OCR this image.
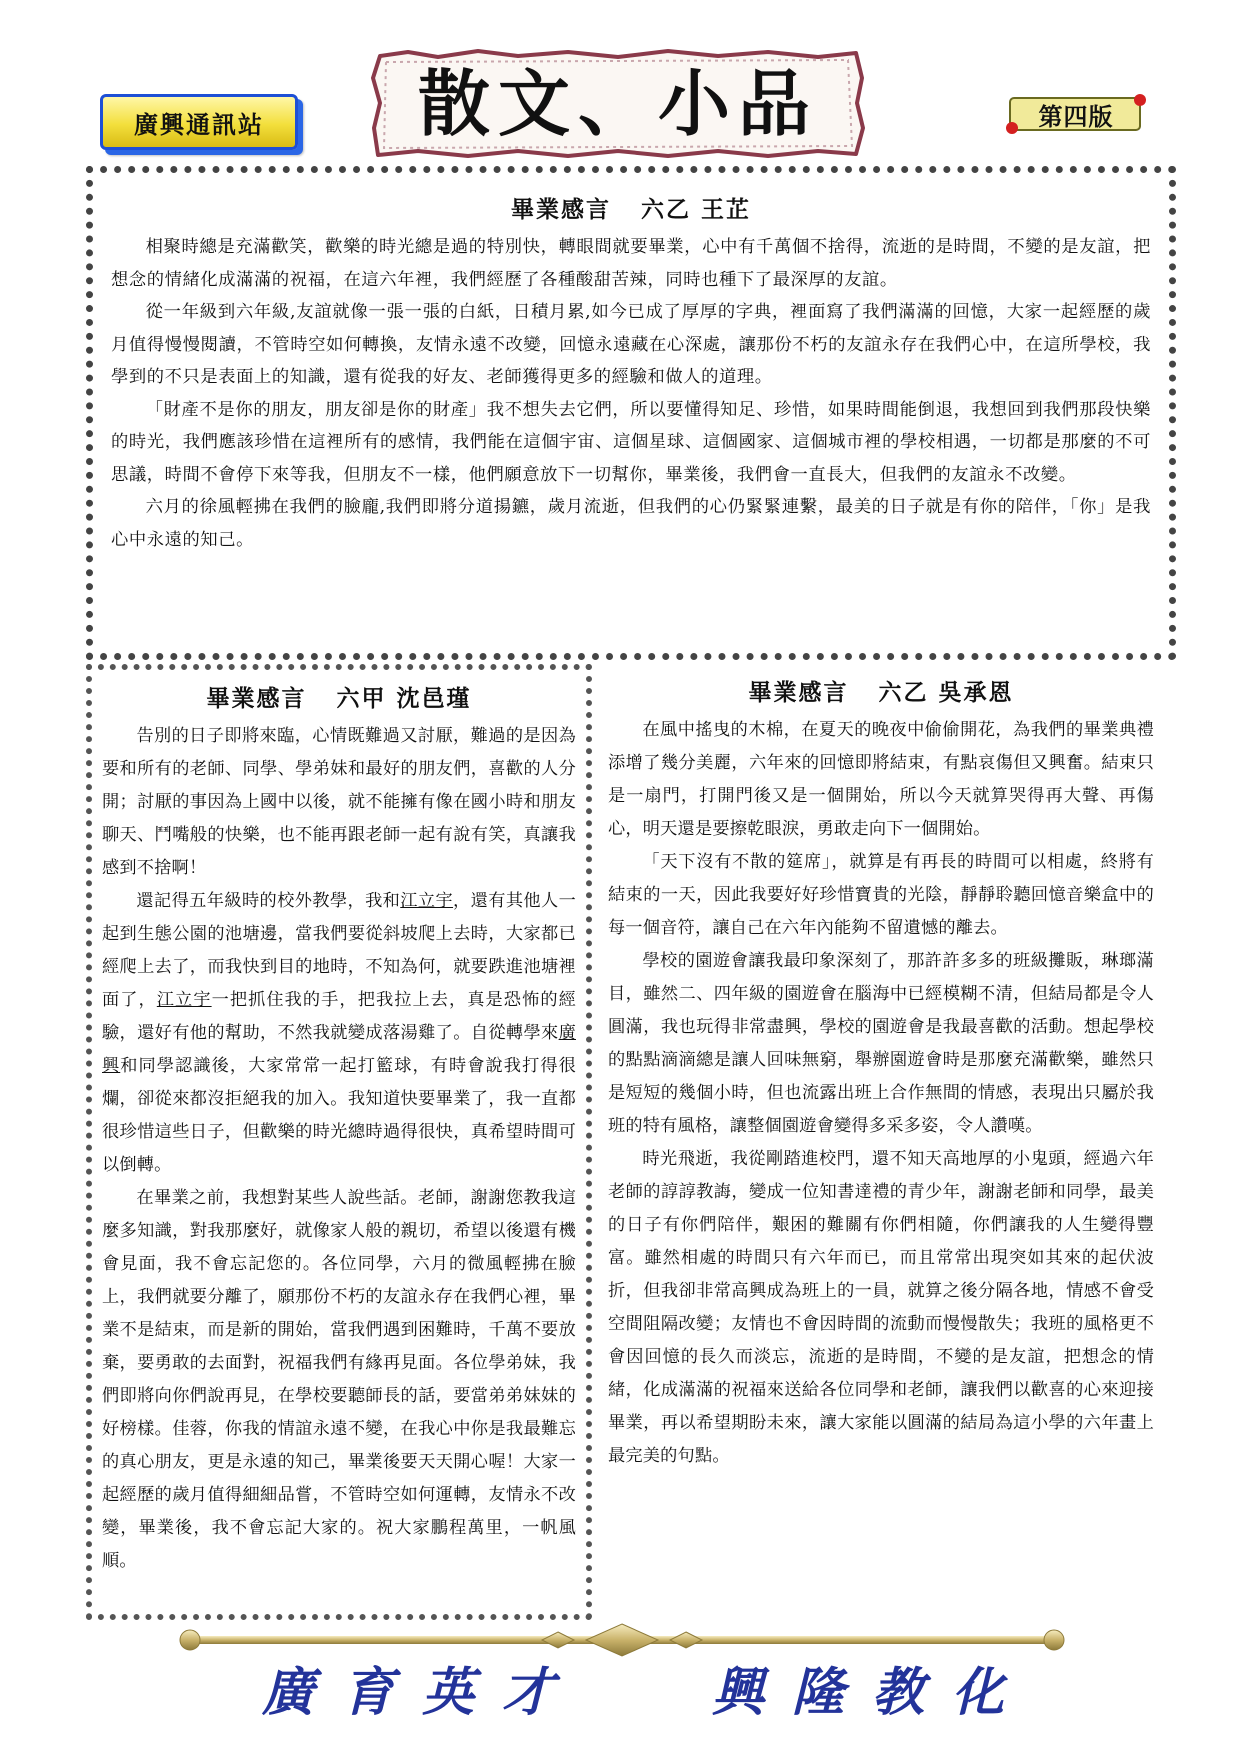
廣興通訊站 散文、小品	第四版
畢業感言 六乙 王芷

相聚時總是充滿歡笑，歡樂的時光總是過的特別快，轉眼間就要畢業，心中有千萬個不捨得，流逝的是時間，不變的是友誼，把想念的情緒化成滿滿的祝福，在這六年裡，我們經歷了各種酸甜苦辣，同時也種下了最深厚的友誼。

從一年級到六年級,友誼就像一張一張的白紙，日積月累,如今已成了厚厚的字典，裡面寫了我們滿滿的回憶，大家一起經歷的歲月值得慢慢閱讀，不管時空如何轉換，友情永遠不改變，回憶永遠藏在心深處，讓那份不朽的友誼永存在我們心中，在這所學校，我學到的不只是表面上的知識，還有從我的好友、老師獲得更多的經驗和做人的道理。

「財產不是你的朋友，朋友卻是你的財產」我不想失去它們，所以要懂得知足、珍惜，如果時間能倒退，我想回到我們那段快樂的時光，我們應該珍惜在這裡所有的感情，我們能在這個宇宙、這個星球、這個國家、這個城市裡的學校相遇，一切都是那麼的不可思議，時間不會停下來等我，但朋友不一樣，他們願意放下一切幫你，畢業後，我們會一直長大，但我們的友誼永不改變。

六月的徐風輕拂在我們的臉龐,我們即將分道揚鑣，歲月流逝，但我們的心仍緊緊連繫，最美的日子就是有你的陪伴，「你」是我心中永遠的知己。

畢業感言 六甲 沈邑瑾

告別的日子即將來臨，心情既難過又討厭，難過的是因為要和所有的老師、同學、學弟妹和最好的朋友們，喜歡的人分開；討厭的事因為上國中以後，就不能擁有像在國小時和朋友聊天、鬥嘴般的快樂，也不能再跟老師一起有說有笑，真讓我感到不捨啊！

還記得五年級時的校外教學，我和江立宇，還有其他人一起到生態公園的池塘邊，當我們要從斜坡爬上去時，大家都已經爬上去了，而我快到目的地時，不知為何，就要跌進池塘裡面了，江立宇一把抓住我的手，把我拉上去，真是恐怖的經驗，還好有他的幫助，不然我就變成落湯雞了。自從轉學來廣興和同學認識後，大家常常一起打籃球，有時會說我打得很爛，卻從來都沒拒絕我的加入。我知道快要畢業了，我一直都很珍惜這些日子，但歡樂的時光總時過得很快，真希望時間可以倒轉。

在畢業之前，我想對某些人說些話。老師，謝謝您教我這麼多知識，對我那麼好，就像家人般的親切，希望以後還有機會見面，我不會忘記您的。各位同學，六月的微風輕拂在臉上，我們就要分離了，願那份不朽的友誼永存在我們心裡，畢業不是結束，而是新的開始，當我們遇到困難時，千萬不要放棄，要勇敢的去面對，祝福我們有緣再見面。各位學弟妹，我們即將向你們說再見，在學校要聽師長的話，要當弟弟妹妹的好榜樣。佳蓉，你我的情誼永遠不變，在我心中你是我最難忘的真心朋友，更是永遠的知己，畢業後要天天開心喔！大家一起經歷的歲月值得細細品嘗，不管時空如何運轉，友情永不改變，畢業後，我不會忘記大家的。祝大家鵬程萬里，一帆風順。

畢業感言 六乙 吳承恩

在風中搖曳的木棉，在夏天的晚夜中偷偷開花，為我們的畢業典禮添增了幾分美麗，六年來的回憶即將結束，有點哀傷但又興奮。結束只是一扇門，打開門後又是一個開始，所以今天就算哭得再大聲、再傷心，明天還是要擦乾眼淚，勇敢走向下一個開始。

「天下沒有不散的筵席」，就算是有再長的時間可以相處，終將有結束的一天，因此我要好好珍惜寶貴的光陰，靜靜聆聽回憶音樂盒中的每一個音符，讓自己在六年內能夠不留遺憾的離去。

學校的園遊會讓我最印象深刻了，那許許多多的班級攤販，琳瑯滿目，雖然二、四年級的園遊會在腦海中已經模糊不清，但結局都是令人圓滿，我也玩得非常盡興，學校的園遊會是我最喜歡的活動。想起學校的點點滴滴總是讓人回味無窮，舉辦園遊會時是那麼充滿歡樂，雖然只是短短的幾個小時，但也流露出班上合作無間的情感，表現出只屬於我班的特有風格，讓整個園遊會變得多采多姿，令人讚嘆。

時光飛逝，我從剛踏進校門，還不知天高地厚的小鬼頭，經過六年老師的諄諄教誨，變成一位知書達禮的青少年，謝謝老師和同學，最美的日子有你們陪伴，艱困的難關有你們相隨，你們讓我的人生變得豐富。雖然相處的時間只有六年而已，而且常常出現突如其來的起伏波折，但我卻非常高興成為班上的一員，就算之後分隔各地，情感不會受空間阻隔改變；友情也不會因時間的流動而慢慢散失；我班的風格更不會因回憶的長久而淡忘，流逝的是時間，不變的是友誼，把想念的情緒，化成滿滿的祝福來送給各位同學和老師，讓我們以歡喜的心來迎接畢業，再以希望期盼未來，讓大家能以圓滿的結局為這小學的六年畫上最完美的句點。

廣育英才 興隆教化
